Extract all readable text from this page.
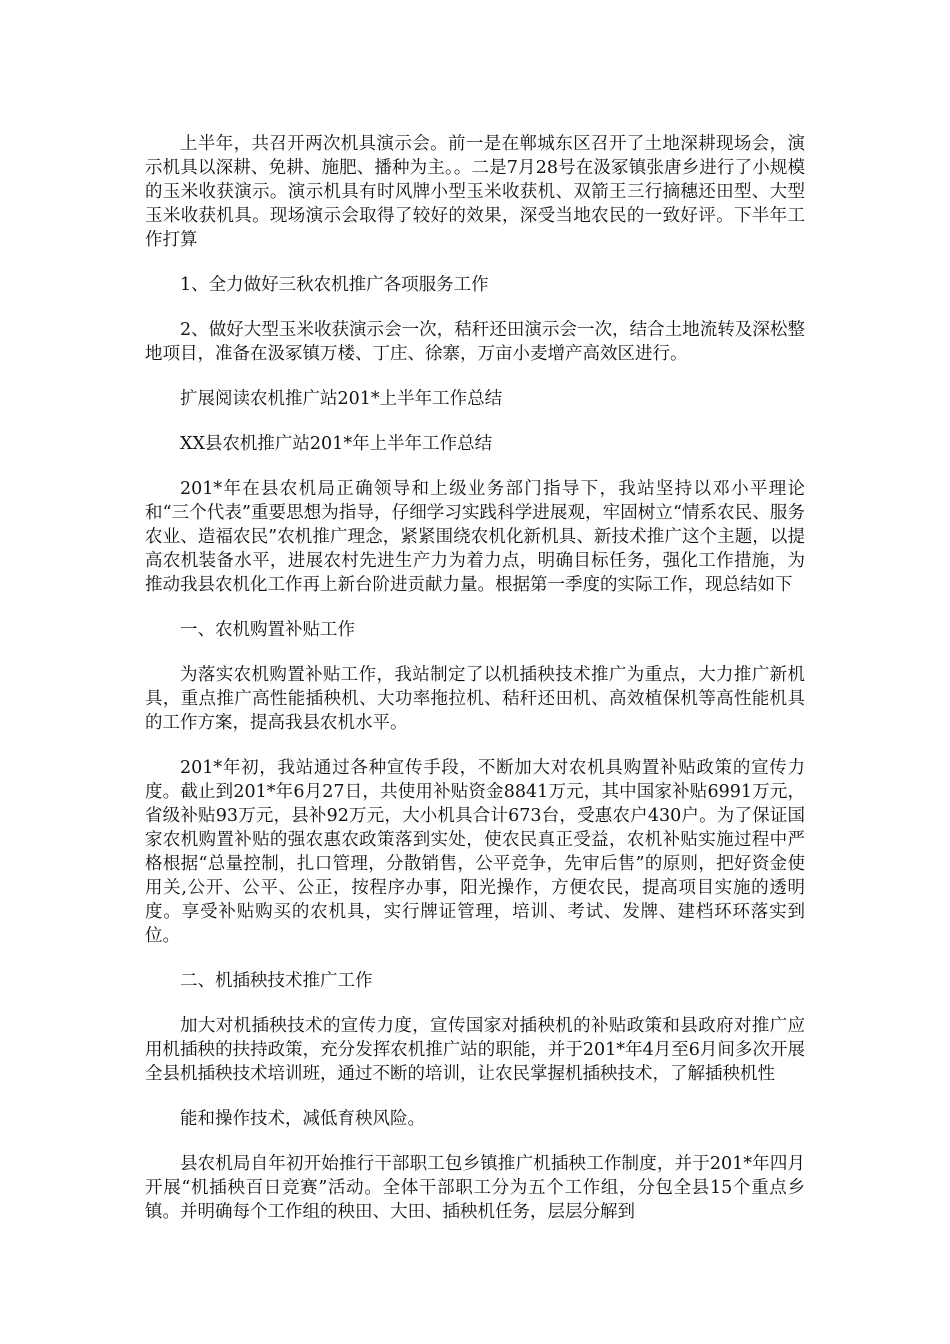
上半年，共召开两次机具演示会。前一是在郸城东区召开了土地深耕现场会，演示机具以深耕、免耕、施肥、播种为主。。二是7月28号在汲冢镇张唐乡进行了小规模的玉米收获演示。演示机具有时风牌小型玉米收获机、双箭王三行摘穗还田型、大型玉米收获机具。现场演示会取得了较好的效果，深受当地农民的一致好评。下半年工作打算

1、全力做好三秋农机推广各项服务工作

2、做好大型玉米收获演示会一次，秸秆还田演示会一次，结合土地流转及深松整地项目，准备在汲冢镇万楼、丁庄、徐寨，万亩小麦增产高效区进行。

扩展阅读农机推广站201*上半年工作总结

XX县农机推广站201*年上半年工作总结

201*年在县农机局正确领导和上级业务部门指导下，我站坚持以邓小平理论和“三个代表”重要思想为指导，仔细学习实践科学进展观，牢固树立“情系农民、服务农业、造福农民”农机推广理念，紧紧围绕农机化新机具、新技术推广这个主题，以提高农机装备水平，进展农村先进生产力为着力点，明确目标任务，强化工作措施，为推动我县农机化工作再上新台阶进贡献力量。根据第一季度的实际工作，现总结如下

一、农机购置补贴工作

为落实农机购置补贴工作，我站制定了以机插秧技术推广为重点，大力推广新机具，重点推广高性能插秧机、大功率拖拉机、秸秆还田机、高效植保机等高性能机具的工作方案，提高我县农机水平。

201*年初，我站通过各种宣传手段，不断加大对农机具购置补贴政策的宣传力度。截止到201*年6月27日，共使用补贴资金8841万元，其中国家补贴6991万元，省级补贴93万元，县补92万元，大小机具合计673台，受惠农户430户。为了保证国家农机购置补贴的强农惠农政策落到实处，使农民真正受益，农机补贴实施过程中严格根据“总量控制，扎口管理，分散销售，公平竞争，先审后售”的原则，把好资金使用关,公开、公平、公正，按程序办事，阳光操作，方便农民，提高项目实施的透明度。享受补贴购买的农机具，实行牌证管理，培训、考试、发牌、建档环环落实到位。

二、机插秧技术推广工作

加大对机插秧技术的宣传力度，宣传国家对插秧机的补贴政策和县政府对推广应用机插秧的扶持政策，充分发挥农机推广站的职能，并于201*年4月至6月间多次开展全县机插秧技术培训班，通过不断的培训，让农民掌握机插秧技术，了解插秧机性

能和操作技术，减低育秧风险。

县农机局自年初开始推行干部职工包乡镇推广机插秧工作制度，并于201*年四月开展“机插秧百日竞赛”活动。全体干部职工分为五个工作组，分包全县15个重点乡镇。并明确每个工作组的秧田、大田、插秧机任务，层层分解到
